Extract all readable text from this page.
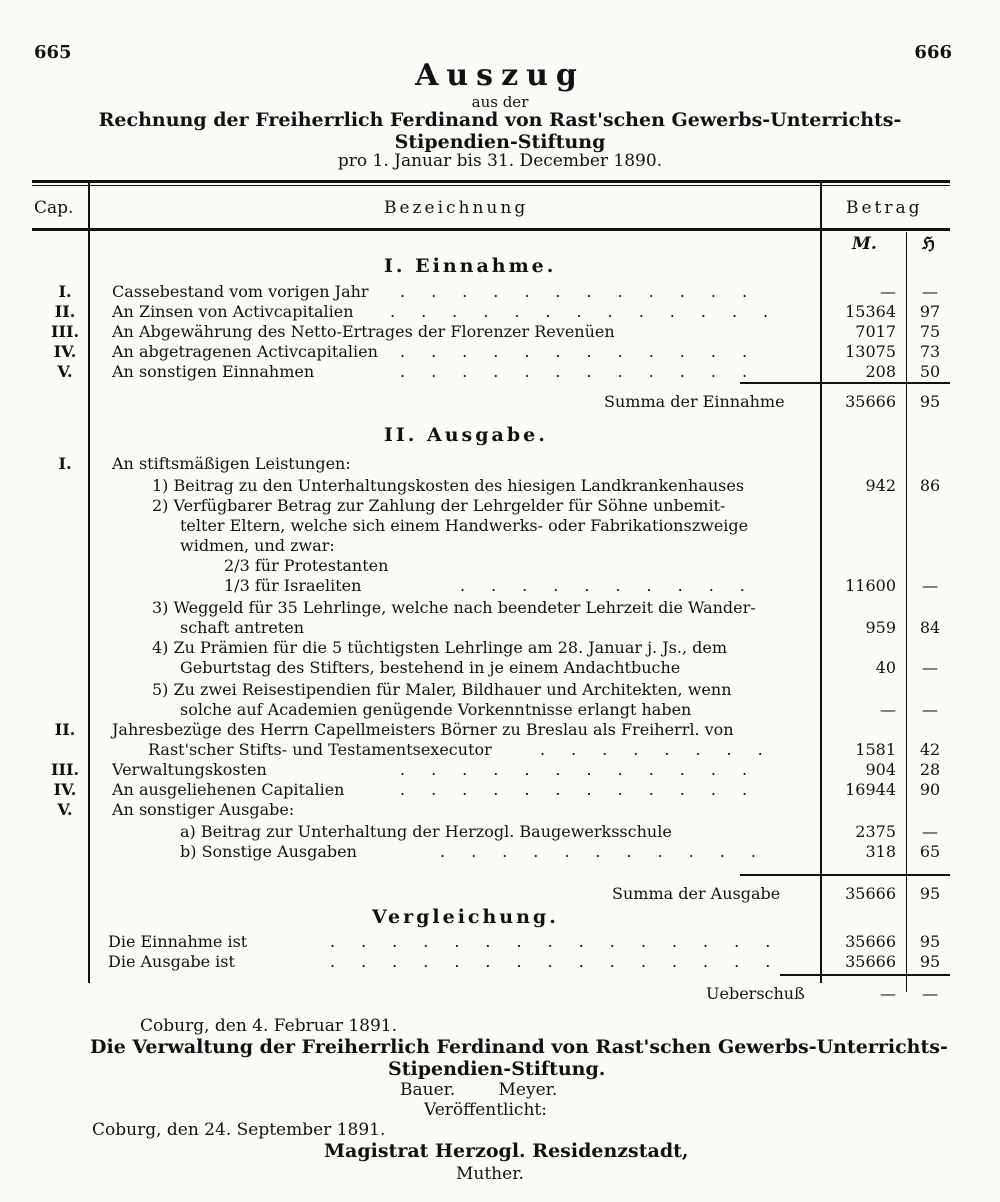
665	666
Auszug
aus der
Rechnung der Freiherrlich Ferdinand von Rast'schen Gewerbs-Unterrichts-
Stipendien-Stiftung
pro 1. Januar bis 31. December 1890.
Cap.	Bezeichnung	Betrag
M.	ℌ
I. Einnahme.
I.	Cassebestand vom vorigen Jahr ............	—	—
II.	An Zinsen von Activcapitalien .............	15364	97
III.	An Abgewährung des Netto-Ertrages der Florenzer Revenüen	7017	75
IV.	An abgetragenen Activcapitalien ............	13075	73
V.	An sonstigen Einnahmen	............	208	50
Summa der Einnahme	35666	95
II. Ausgabe.
I.	An stiftsmäßigen Leistungen:
1) Beitrag zu den Unterhaltungskosten des hiesigen Landkrankenhauses	942	86
2) Verfügbarer Betrag zur Zahlung der Lehrgelder für Söhne unbemit-
telter Eltern, welche sich einem Handwerks- oder Fabrikationszweige
widmen, und zwar:
2/3 für Protestanten
1/3 für Israeliten	..........	11600	—
3) Weggeld für 35 Lehrlinge, welche nach beendeter Lehrzeit die Wander-
schaft antreten	959	84
4) Zu Prämien für die 5 tüchtigsten Lehrlinge am 28. Januar j. Js., dem
Geburtstag des Stifters, bestehend in je einem Andachtbuche	40	—
5) Zu zwei Reisestipendien für Maler, Bildhauer und Architekten, wenn
solche auf Academien genügende Vorkenntnisse erlangt haben	—	—
II.	Jahresbezüge des Herrn Capellmeisters Börner zu Breslau als Freiherrl. von
Rast'scher Stifts- und Testamentsexecutor	........	1581	42
III.	Verwaltungskosten	............	904	28
IV.	An ausgeliehenen Capitalien	............	16944	90
V.	An sonstiger Ausgabe:
a) Beitrag zur Unterhaltung der Herzogl. Baugewerksschule	2375	—
b) Sonstige Ausgaben	...........	318	65
Summa der Ausgabe	35666	95
Vergleichung.
Die Einnahme ist	...............	35666	95
Die Ausgabe ist	...............	35666	95
Ueberschuß	—	—
Coburg, den 4. Februar 1891.
Die Verwaltung der Freiherrlich Ferdinand von Rast'schen Gewerbs-Unterrichts-
Stipendien-Stiftung.
Bauer.        Meyer.
Veröffentlicht:
Coburg, den 24. September 1891.
Magistrat Herzogl. Residenzstadt,
Muther.
